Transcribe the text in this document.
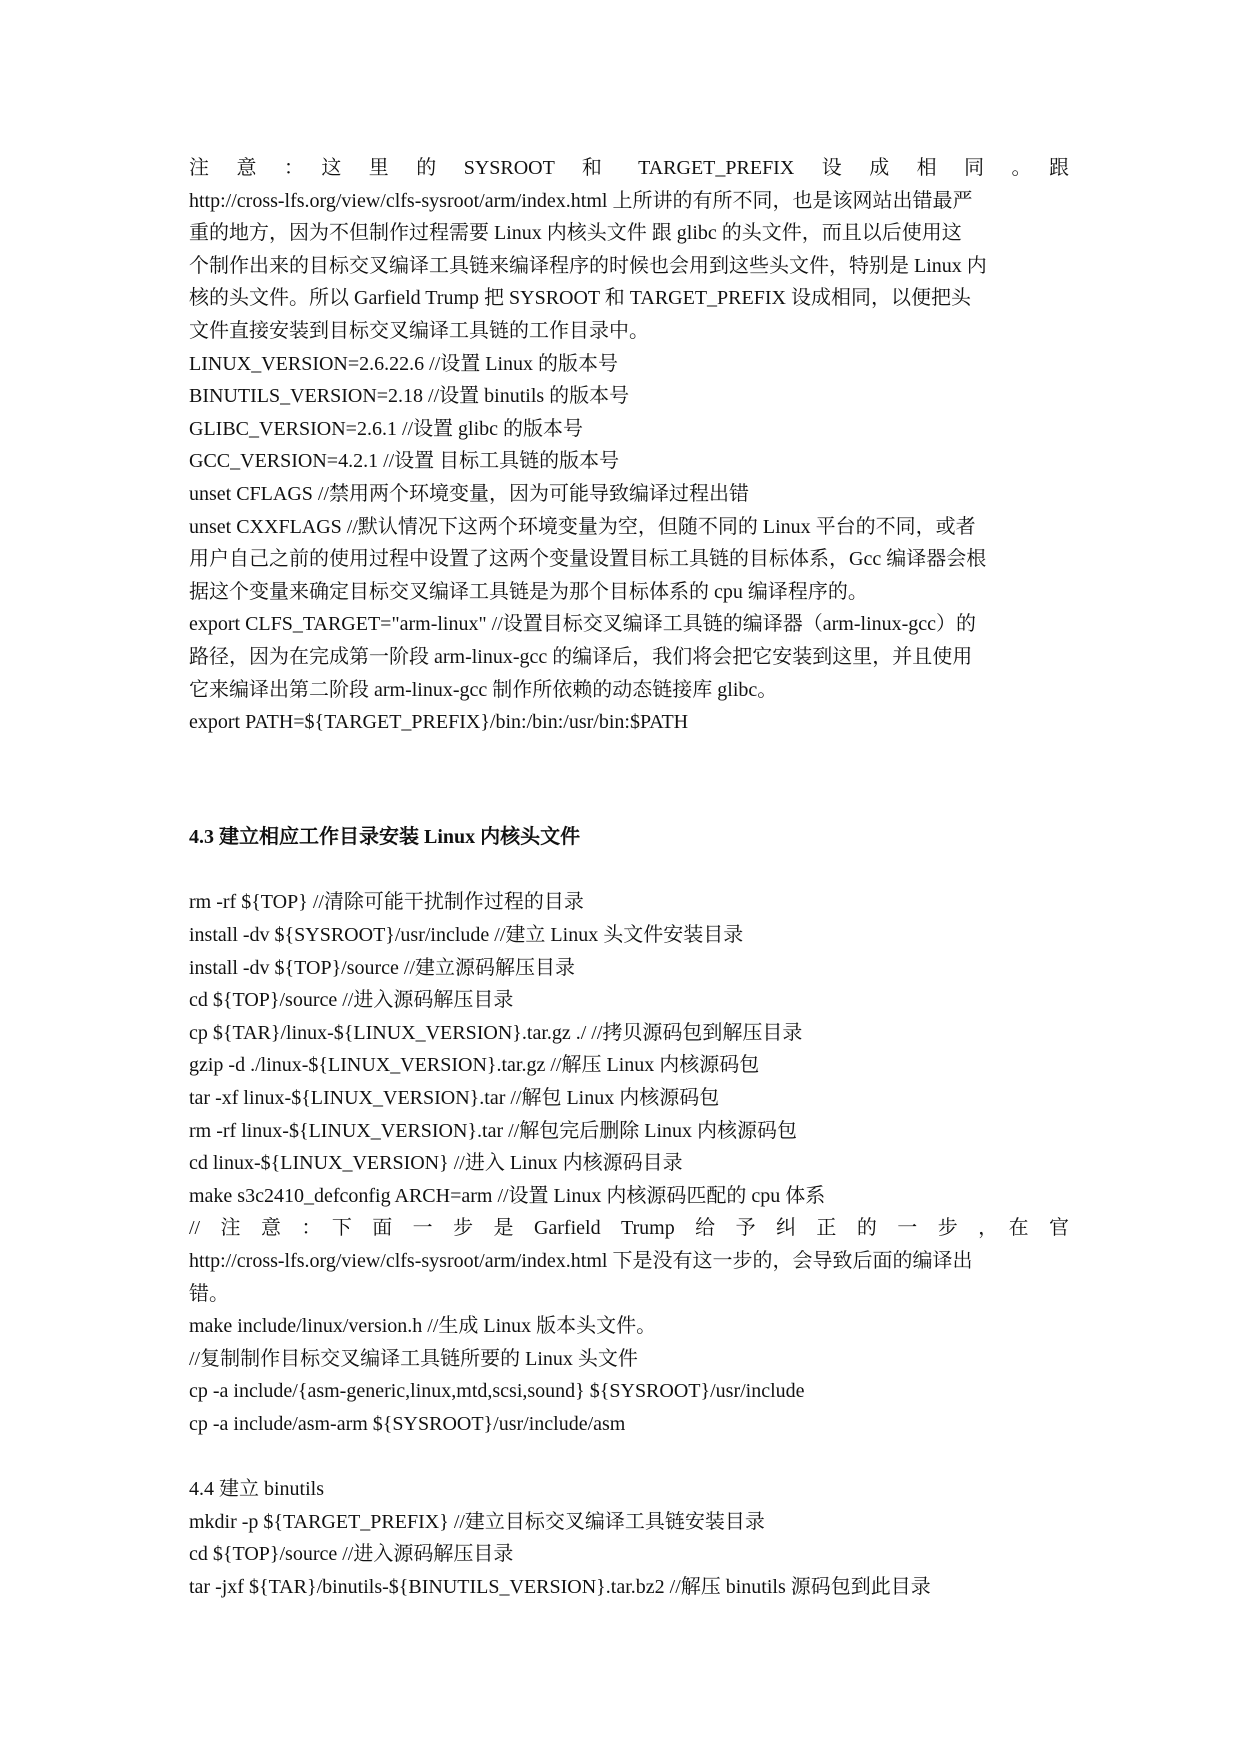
注　意　：　这　里　的　SYSROOT　和　 TARGET_PREFIX　设　成　相　同　。　跟
http://cross-lfs.org/view/clfs-sysroot/arm/index.html 上所讲的有所不同，也是该网站出错最严
重的地方，因为不但制作过程需要 Linux 内核头文件 跟 glibc 的头文件，而且以后使用这
个制作出来的目标交叉编译工具链来编译程序的时候也会用到这些头文件，特别是 Linux 内
核的头文件。所以 Garfield Trump 把 SYSROOT 和 TARGET_PREFIX 设成相同，以便把头
文件直接安装到目标交叉编译工具链的工作目录中。
LINUX_VERSION=2.6.22.6 //设置 Linux 的版本号
BINUTILS_VERSION=2.18 //设置 binutils 的版本号
GLIBC_VERSION=2.6.1 //设置 glibc 的版本号
GCC_VERSION=4.2.1 //设置 目标工具链的版本号
unset CFLAGS //禁用两个环境变量，因为可能导致编译过程出错
unset CXXFLAGS //默认情况下这两个环境变量为空，但随不同的 Linux 平台的不同，或者
用户自己之前的使用过程中设置了这两个变量设置目标工具链的目标体系，Gcc 编译器会根
据这个变量来确定目标交叉编译工具链是为那个目标体系的 cpu 编译程序的。
export CLFS_TARGET="arm-linux" //设置目标交叉编译工具链的编译器（arm-linux-gcc）的
路径，因为在完成第一阶段 arm-linux-gcc 的编译后，我们将会把它安装到这里，并且使用
它来编译出第二阶段 arm-linux-gcc 制作所依赖的动态链接库 glibc。
export PATH=${TARGET_PREFIX}/bin:/bin:/usr/bin:$PATH
4.3 建立相应工作目录安装 Linux 内核头文件
rm -rf ${TOP} //清除可能干扰制作过程的目录
install -dv ${SYSROOT}/usr/include //建立 Linux 头文件安装目录
install -dv ${TOP}/source //建立源码解压目录
cd ${TOP}/source //进入源码解压目录
cp ${TAR}/linux-${LINUX_VERSION}.tar.gz ./ //拷贝源码包到解压目录
gzip -d ./linux-${LINUX_VERSION}.tar.gz //解压 Linux 内核源码包
tar -xf linux-${LINUX_VERSION}.tar //解包 Linux 内核源码包
rm -rf linux-${LINUX_VERSION}.tar //解包完后删除 Linux 内核源码包
cd linux-${LINUX_VERSION} //进入 Linux 内核源码目录
make s3c2410_defconfig ARCH=arm //设置 Linux 内核源码匹配的 cpu 体系
//　注　意　：　下　面　一　步　是　Garfield　Trump　给　予　纠　正　的　一　步　，　在　官　　　
http://cross-lfs.org/view/clfs-sysroot/arm/index.html 下是没有这一步的，会导致后面的编译出
错。
make include/linux/version.h //生成 Linux 版本头文件。
//复制制作目标交叉编译工具链所要的 Linux 头文件
cp -a include/{asm-generic,linux,mtd,scsi,sound} ${SYSROOT}/usr/include
cp -a include/asm-arm ${SYSROOT}/usr/include/asm
4.4 建立 binutils
mkdir -p ${TARGET_PREFIX} //建立目标交叉编译工具链安装目录
cd ${TOP}/source //进入源码解压目录
tar -jxf ${TAR}/binutils-${BINUTILS_VERSION}.tar.bz2 //解压 binutils 源码包到此目录
